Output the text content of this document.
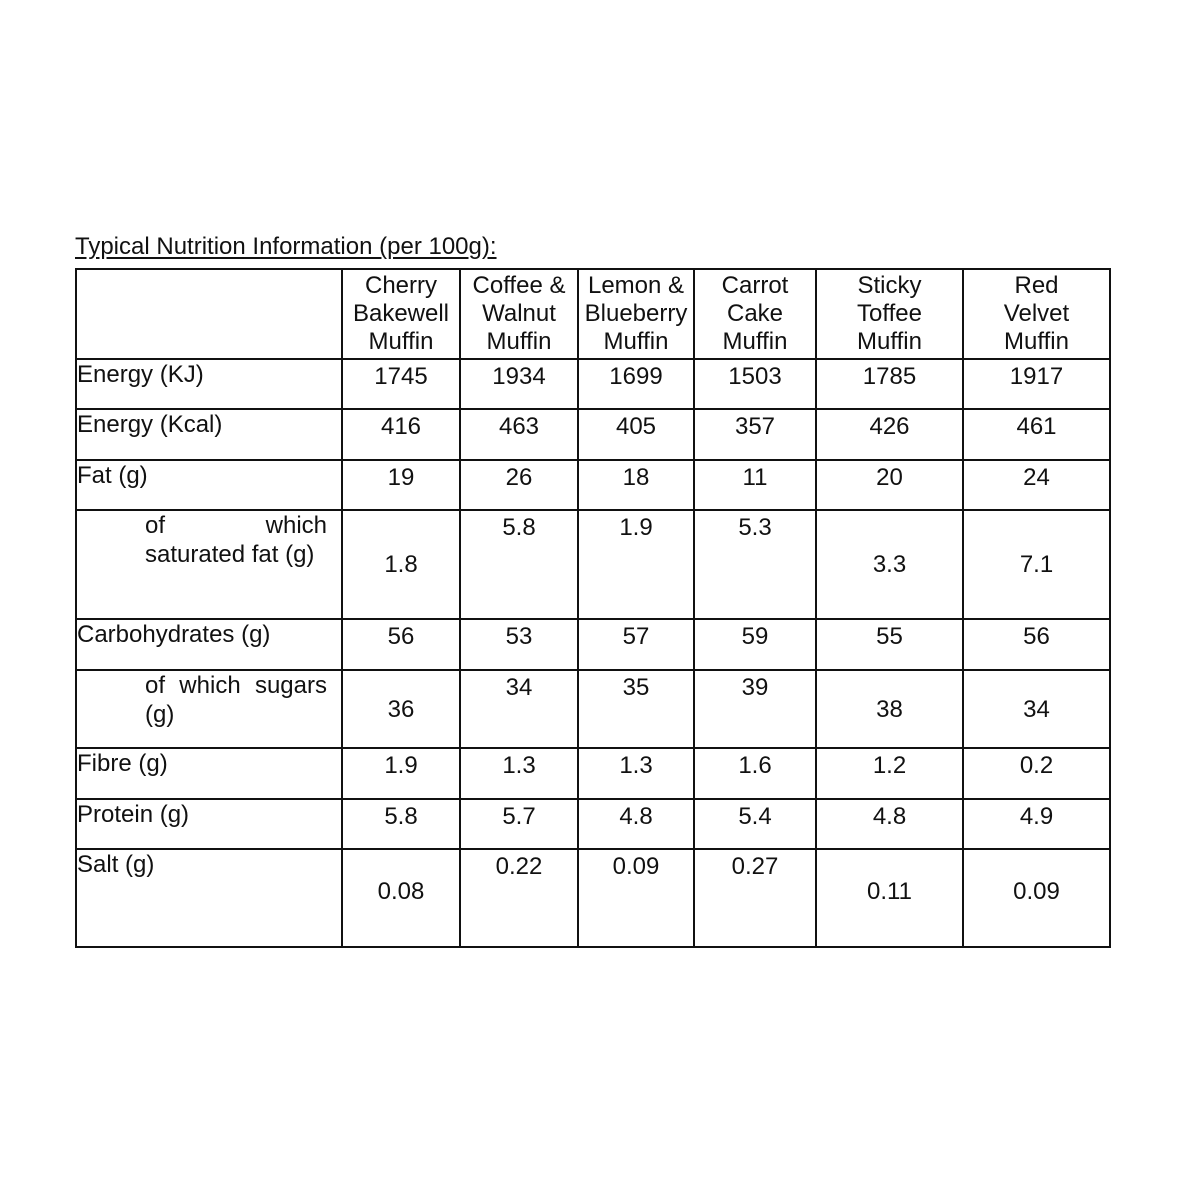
Typical Nutrition Information (per 100g):

	Cherry
Bakewell
Muffin	Coffee &
Walnut
Muffin	Lemon &
Blueberry
Muffin	Carrot
Cake
Muffin	Sticky
Toffee
Muffin	Red
Velvet
Muffin

Energy (KJ)	1745	1934	1699	1503	1785	1917
Energy (Kcal)	416	463	405	357	426	461
Fat (g)	19	26	18	11	20	24
of which saturated fat (g)	1.8	5.8	1.9	5.3	3.3	7.1
Carbohydrates (g)	56	53	57	59	55	56
of which sugars (g)	36	34	35	39	38	34
Fibre (g)	1.9	1.3	1.3	1.6	1.2	0.2
Protein (g)	5.8	5.7	4.8	5.4	4.8	4.9
Salt (g)	0.08	0.22	0.09	0.27	0.11	0.09
